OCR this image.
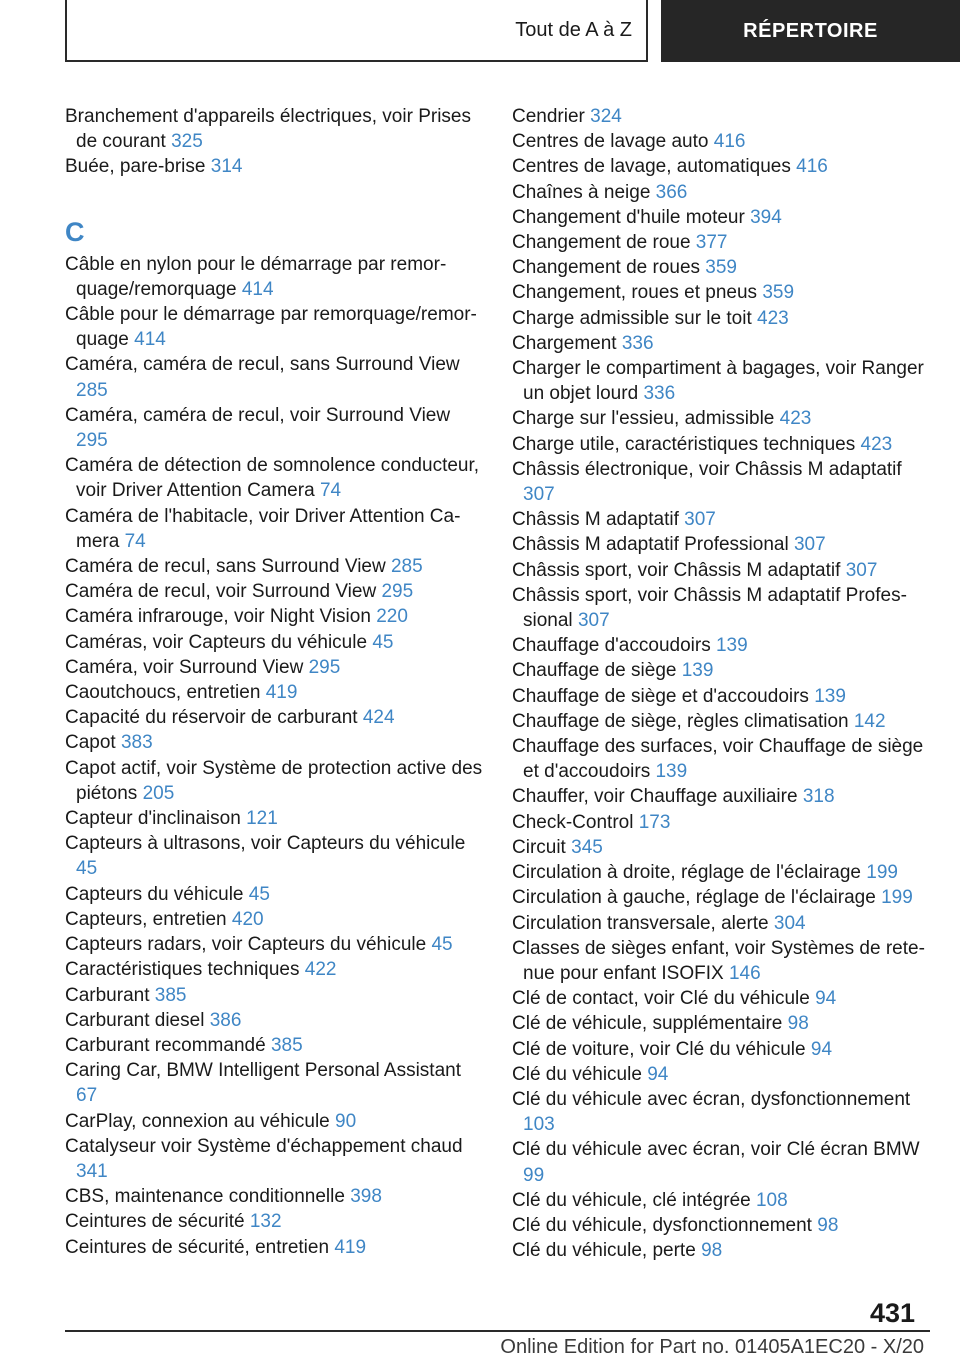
Tout de A à Z	RÉPERTOIRE
Branchement d'appareils électriques, voir Prises de courant 325
Buée, pare-brise 314
C
Câble en nylon pour le démarrage par remorquage/remorquage 414
Câble pour le démarrage par remorquage/remorquage 414
Caméra, caméra de recul, sans Surround View 285
Caméra, caméra de recul, voir Surround View 295
Caméra de détection de somnolence conducteur, voir Driver Attention Camera 74
Caméra de l'habitacle, voir Driver Attention Camera 74
Caméra de recul, sans Surround View 285
Caméra de recul, voir Surround View 295
Caméra infrarouge, voir Night Vision 220
Caméras, voir Capteurs du véhicule 45
Caméra, voir Surround View 295
Caoutchoucs, entretien 419
Capacité du réservoir de carburant 424
Capot 383
Capot actif, voir Système de protection active des piétons 205
Capteur d'inclinaison 121
Capteurs à ultrasons, voir Capteurs du véhicule 45
Capteurs du véhicule 45
Capteurs, entretien 420
Capteurs radars, voir Capteurs du véhicule 45
Caractéristiques techniques 422
Carburant 385
Carburant diesel 386
Carburant recommandé 385
Caring Car, BMW Intelligent Personal Assistant 67
CarPlay, connexion au véhicule 90
Catalyseur voir Système d'échappement chaud 341
CBS, maintenance conditionnelle 398
Ceintures de sécurité 132
Ceintures de sécurité, entretien 419
Cendrier 324
Centres de lavage auto 416
Centres de lavage, automatiques 416
Chaînes à neige 366
Changement d'huile moteur 394
Changement de roue 377
Changement de roues 359
Changement, roues et pneus 359
Charge admissible sur le toit 423
Chargement 336
Charger le compartiment à bagages, voir Ranger un objet lourd 336
Charge sur l'essieu, admissible 423
Charge utile, caractéristiques techniques 423
Châssis électronique, voir Châssis M adaptatif 307
Châssis M adaptatif 307
Châssis M adaptatif Professional 307
Châssis sport, voir Châssis M adaptatif 307
Châssis sport, voir Châssis M adaptatif Professional 307
Chauffage d'accoudoirs 139
Chauffage de siège 139
Chauffage de siège et d'accoudoirs 139
Chauffage de siège, règles climatisation 142
Chauffage des surfaces, voir Chauffage de siège et d'accoudoirs 139
Chauffer, voir Chauffage auxiliaire 318
Check-Control 173
Circuit 345
Circulation à droite, réglage de l'éclairage 199
Circulation à gauche, réglage de l'éclairage 199
Circulation transversale, alerte 304
Classes de sièges enfant, voir Systèmes de retenue pour enfant ISOFIX 146
Clé de contact, voir Clé du véhicule 94
Clé de véhicule, supplémentaire 98
Clé de voiture, voir Clé du véhicule 94
Clé du véhicule 94
Clé du véhicule avec écran, dysfonctionnement 103
Clé du véhicule avec écran, voir Clé écran BMW 99
Clé du véhicule, clé intégrée 108
Clé du véhicule, dysfonctionnement 98
Clé du véhicule, perte 98
431
Online Edition for Part no. 01405A1EC20 - X/20
